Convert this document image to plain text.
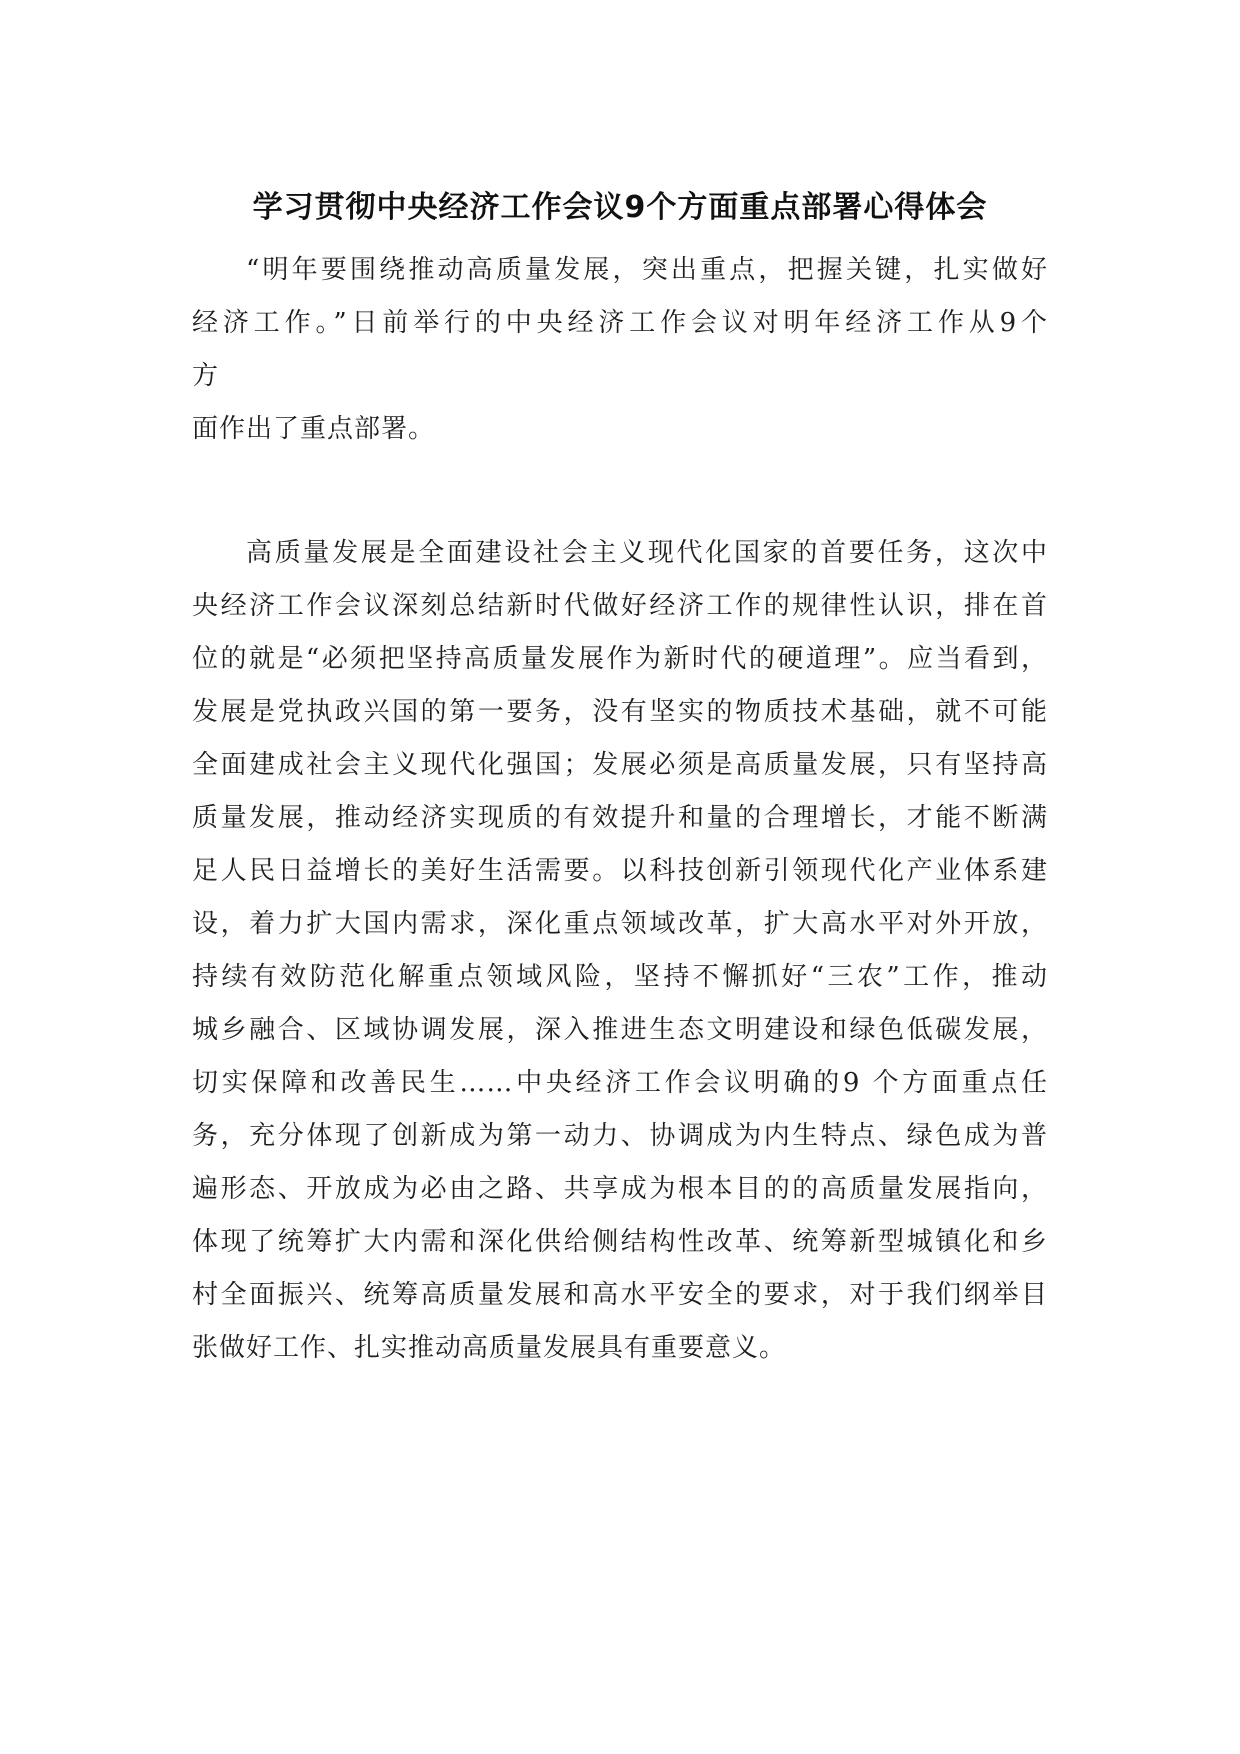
学习贯彻中央经济工作会议9个方面重点部署心得体会
“明年要围绕推动高质量发展，突出重点，把握关键，扎实做好
经济工作。”日前举行的中央经济工作会议对明年经济工作从9个
方
面作出了重点部署。
高质量发展是全面建设社会主义现代化国家的首要任务，这次中
央经济工作会议深刻总结新时代做好经济工作的规律性认识，排在首
位的就是“必须把坚持高质量发展作为新时代的硬道理”。应当看到，
发展是党执政兴国的第一要务，没有坚实的物质技术基础，就不可能
全面建成社会主义现代化强国；发展必须是高质量发展，只有坚持高
质量发展，推动经济实现质的有效提升和量的合理增长，才能不断满
足人民日益增长的美好生活需要。以科技创新引领现代化产业体系建
设，着力扩大国内需求，深化重点领域改革，扩大高水平对外开放，
持续有效防范化解重点领域风险，坚持不懈抓好“三农”工作，推动
城乡融合、区域协调发展，深入推进生态文明建设和绿色低碳发展，
切实保障和改善民生……中央经济工作会议明确的9 个方面重点任
务，充分体现了创新成为第一动力、协调成为内生特点、绿色成为普
遍形态、开放成为必由之路、共享成为根本目的的高质量发展指向，
体现了统筹扩大内需和深化供给侧结构性改革、统筹新型城镇化和乡
村全面振兴、统筹高质量发展和高水平安全的要求，对于我们纲举目
张做好工作、扎实推动高质量发展具有重要意义。
